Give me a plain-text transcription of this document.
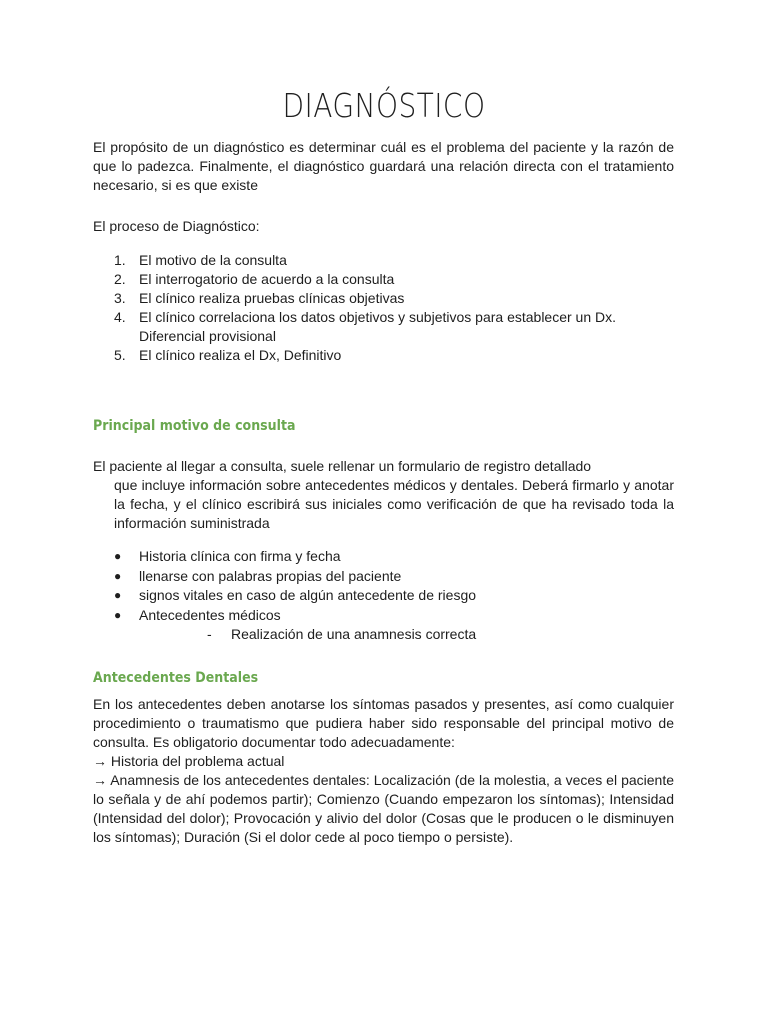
DIAGNÓSTICO
El propósito de un diagnóstico es determinar cuál es el problema del paciente y la razón de que lo padezca. Finalmente, el diagnóstico guardará una relación directa con el tratamiento necesario, si es que existe
El proceso de Diagnóstico:
1. El motivo de la consulta
2. El interrogatorio de acuerdo a la consulta
3. El clínico realiza pruebas clínicas objetivas
4. El clínico correlaciona los datos objetivos y subjetivos para establecer un Dx. Diferencial provisional
5. El clínico realiza el Dx, Definitivo
Principal motivo de consulta
El paciente al llegar a consulta, suele rellenar un formulario de registro detallado
que incluye información sobre antecedentes médicos y dentales. Deberá firmarlo y anotar la fecha, y el clínico escribirá sus iniciales como verificación de que ha revisado toda la información suministrada
● Historia clínica con firma y fecha
● llenarse con palabras propias del paciente
● signos vitales en caso de algún antecedente de riesgo
● Antecedentes médicos
- Realización de una anamnesis correcta
Antecedentes Dentales
En los antecedentes deben anotarse los síntomas pasados y presentes, así como cualquier procedimiento o traumatismo que pudiera haber sido responsable del principal motivo de consulta. Es obligatorio documentar todo adecuadamente:
→ Historia del problema actual
→ Anamnesis de los antecedentes dentales: Localización (de la molestia, a veces el paciente lo señala y de ahí podemos partir); Comienzo (Cuando empezaron los síntomas); Intensidad (Intensidad del dolor); Provocación y alivio del dolor (Cosas que le producen o le disminuyen los síntomas); Duración (Si el dolor cede al poco tiempo o persiste).
